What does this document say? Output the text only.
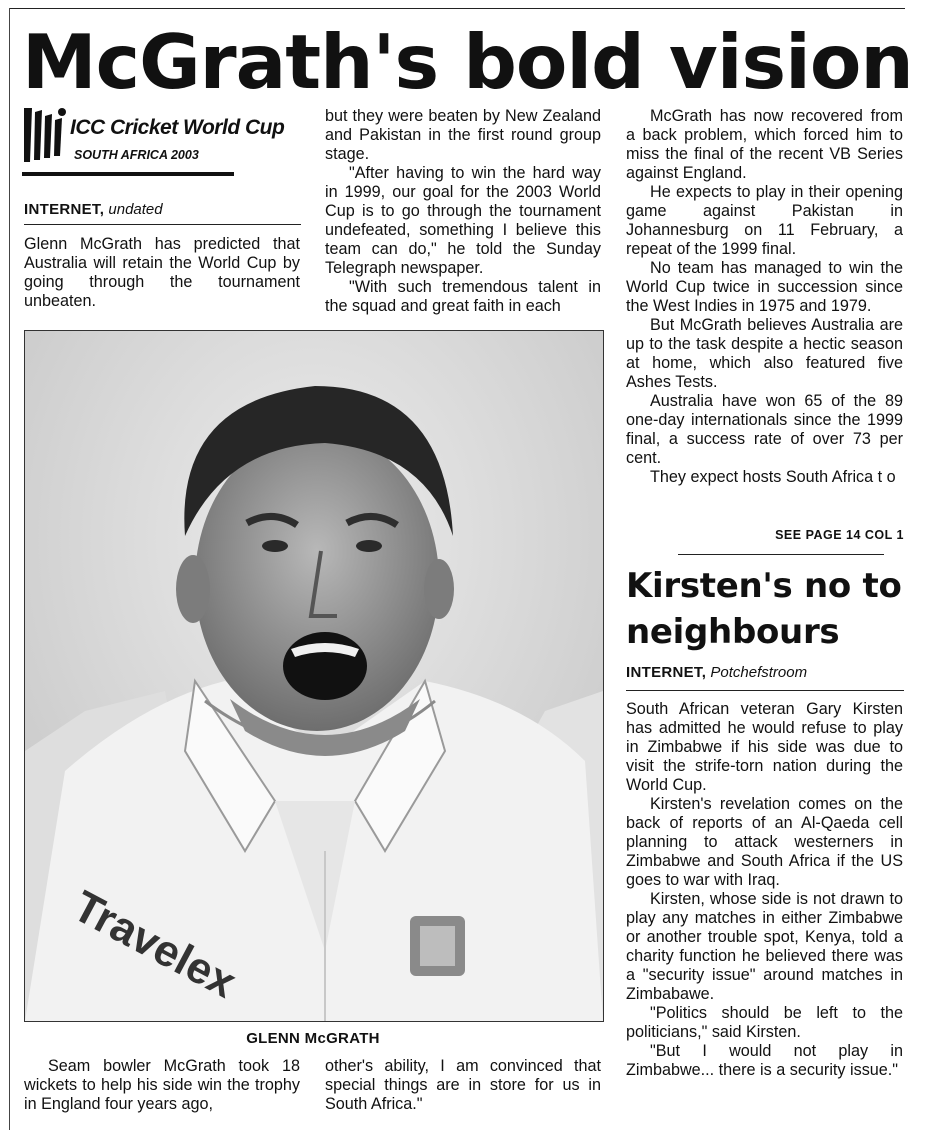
McGrath's bold vision
ICC Cricket World Cup
SOUTH AFRICA 2003
INTERNET, undated

Glenn McGrath has predicted that Australia will retain the World Cup by going through the tournament unbeaten.

but they were beaten by New Zealand and Pakistan in the first round group stage.

"After having to win the hard way in 1999, our goal for the 2003 World Cup is to go through the tournament undefeated, something I believe this team can do," he told the Sunday Telegraph newspaper.

"With such tremendous talent in the squad and great faith in each

McGrath has now recovered from a back problem, which forced him to miss the final of the recent VB Series against England.

He expects to play in their opening game against Pakistan in Johannesburg on 11 February, a repeat of the 1999 final.

No team has managed to win the World Cup twice in succession since the West Indies in 1975 and 1979.

But McGrath believes Australia are up to the task despite a hectic season at home, which also featured five Ashes Tests.

Australia have won 65 of the 89 one-day internationals since the 1999 final, a success rate of over 73 per cent.

They expect hosts South Africa t o

SEE PAGE 14 COL 1
Travelex
GLENN McGRATH

Seam bowler McGrath took 18 wickets to help his side win the trophy in England four years ago,

other's ability, I am convinced that special things are in store for us in South Africa."

Kirsten's no to neighbours
INTERNET, Potchefstroom

South African veteran Gary Kirsten has admitted he would refuse to play in Zimbabwe if his side was due to visit the strife-torn nation during the World Cup.

Kirsten's revelation comes on the back of reports of an Al-Qaeda cell planning to attack westerners in Zimbabwe and South Africa if the US goes to war with Iraq.

Kirsten, whose side is not drawn to play any matches in either Zimbabwe or another trouble spot, Kenya, told a charity function he believed there was a "security issue" around matches in Zimbabawe.

"Politics should be left to the politicians," said Kirsten.

"But I would not play in Zimbabwe... there is a security issue."
